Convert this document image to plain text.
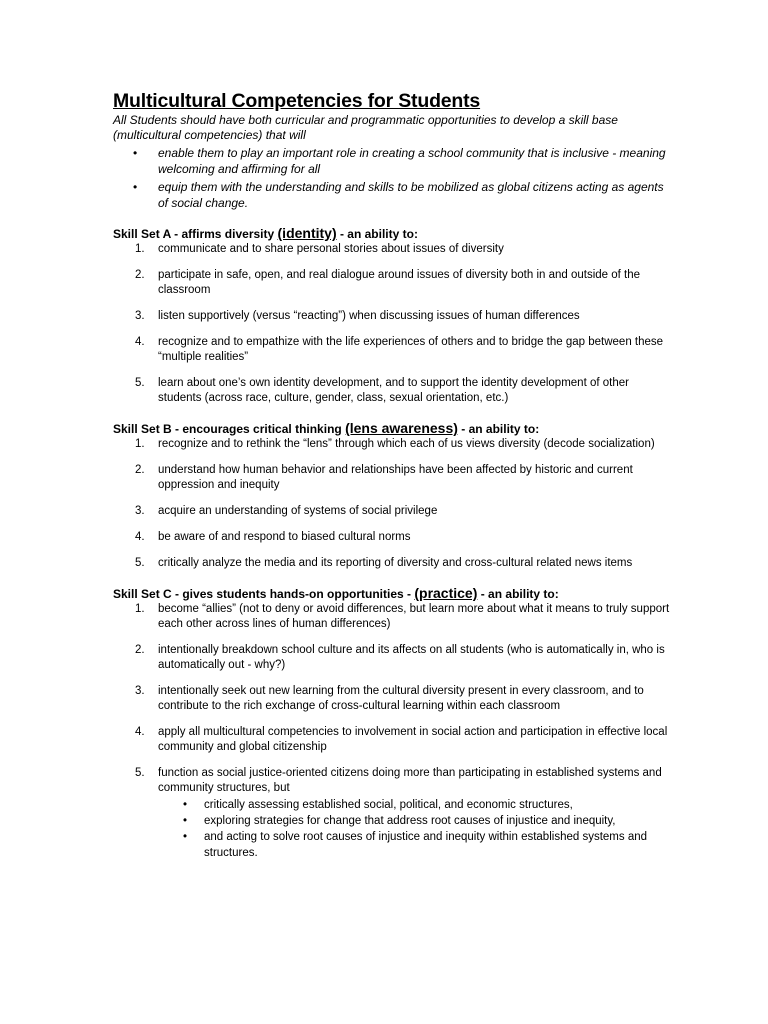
Multicultural Competencies for Students

All Students should have both curricular and programmatic opportunities to develop a skill base (multicultural competencies) that will

• enable them to play an important role in creating a school community that is inclusive - meaning welcoming and affirming for all
• equip them with the understanding and skills to be mobilized as global citizens acting as agents of social change.
Skill Set A - affirms diversity (identity) - an ability to:
1. communicate and to share personal stories about issues of diversity
2. participate in safe, open, and real dialogue around issues of diversity both in and outside of the classroom
3. listen supportively (versus “reacting”) when discussing issues of human differences
4. recognize and to empathize with the life experiences of others and to bridge the gap between these “multiple realities”
5. learn about one’s own identity development, and to support the identity development of other students (across race, culture, gender, class, sexual orientation, etc.)
Skill Set B - encourages critical thinking (lens awareness) - an ability to:
1. recognize and to rethink the “lens” through which each of us views diversity (decode socialization)
2. understand how human behavior and relationships have been affected by historic and current oppression and inequity
3. acquire an understanding of systems of social privilege
4. be aware of and respond to biased cultural norms
5. critically analyze the media and its reporting of diversity and cross-cultural related news items
Skill Set C - gives students hands-on opportunities - (practice) - an ability to:
1. become “allies” (not to deny or avoid differences, but learn more about what it means to truly support each other across lines of human differences)
2. intentionally breakdown school culture and its affects on all students (who is automatically in, who is automatically out - why?)
3. intentionally seek out new learning from the cultural diversity present in every classroom, and to contribute to the rich exchange of cross-cultural learning within each classroom
4. apply all multicultural competencies to involvement in social action and participation in effective local community and global citizenship
5. function as social justice-oriented citizens doing more than participating in established systems and community structures, but
• critically assessing established social, political, and economic structures,
• exploring strategies for change that address root causes of injustice and inequity,
• and acting to solve root causes of injustice and inequity within established systems and structures.
